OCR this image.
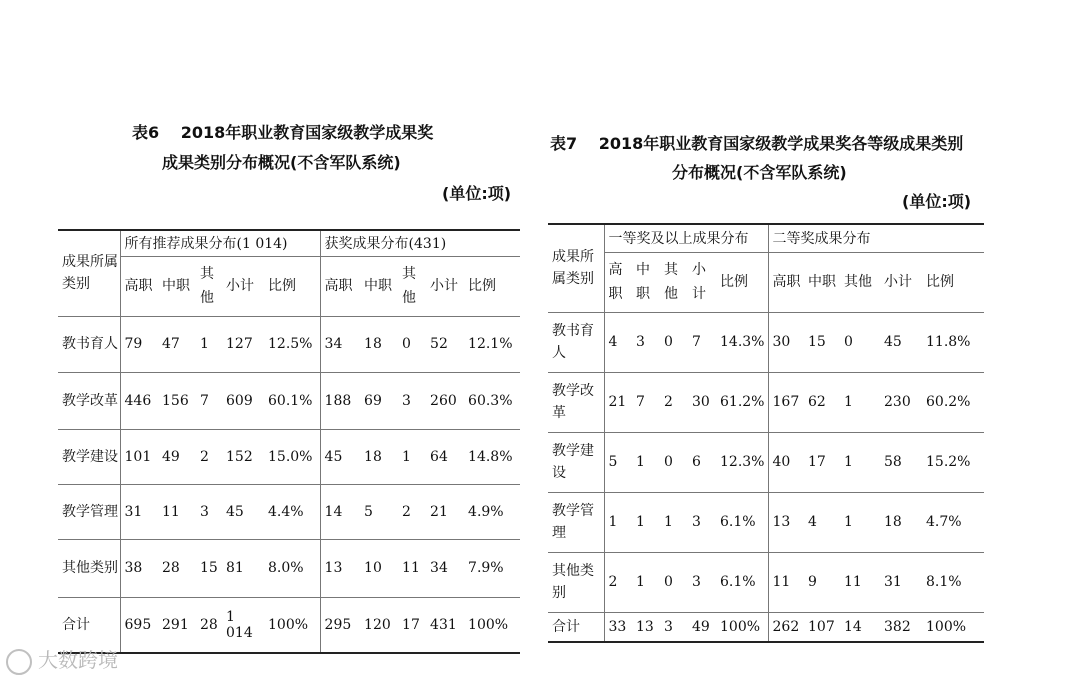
表6　 2018年职业教育国家级教学成果奖
成果类别分布概况(不含军队系统)
(单位:项)
表7　 2018年职业教育国家级教学成果奖各等级成果类别
分布概况(不含军队系统)
(单位:项)
成果所属类别	所有推荐成果分布(1 014)					获奖成果分布(431)				
	高职	中职	其他	小计	比例	高职	中职	其他	小计	比例
教书育人	79	47	1	127	12.5%	34	18	0	52	12.1%
教学改革	446	156	7	609	60.1%	188	69	3	260	60.3%
教学建设	101	49	2	152	15.0%	45	18	1	64	14.8%
教学管理	31	11	3	45	4.4%	14	5	2	21	4.9%
其他类别	38	28	15	81	8.0%	13	10	11	34	7.9%
合计	695	291	28	1 014	100%	295	120	17	431	100%
成果所属类别	一等奖及以上成果分布					二等奖成果分布				
	高职	中职	其他	小计	比例	高职	中职	其他	小计	比例
教书育人	4	3	0	7	14.3%	30	15	0	45	11.8%
教学改革	21	7	2	30	61.2%	167	62	1	230	60.2%
教学建设	5	1	0	6	12.3%	40	17	1	58	15.2%
教学管理	1	1	1	3	6.1%	13	4	1	18	4.7%
其他类别	2	1	0	3	6.1%	11	9	11	31	8.1%
合计	33	13	3	49	100%	262	107	14	382	100%
大数跨境
